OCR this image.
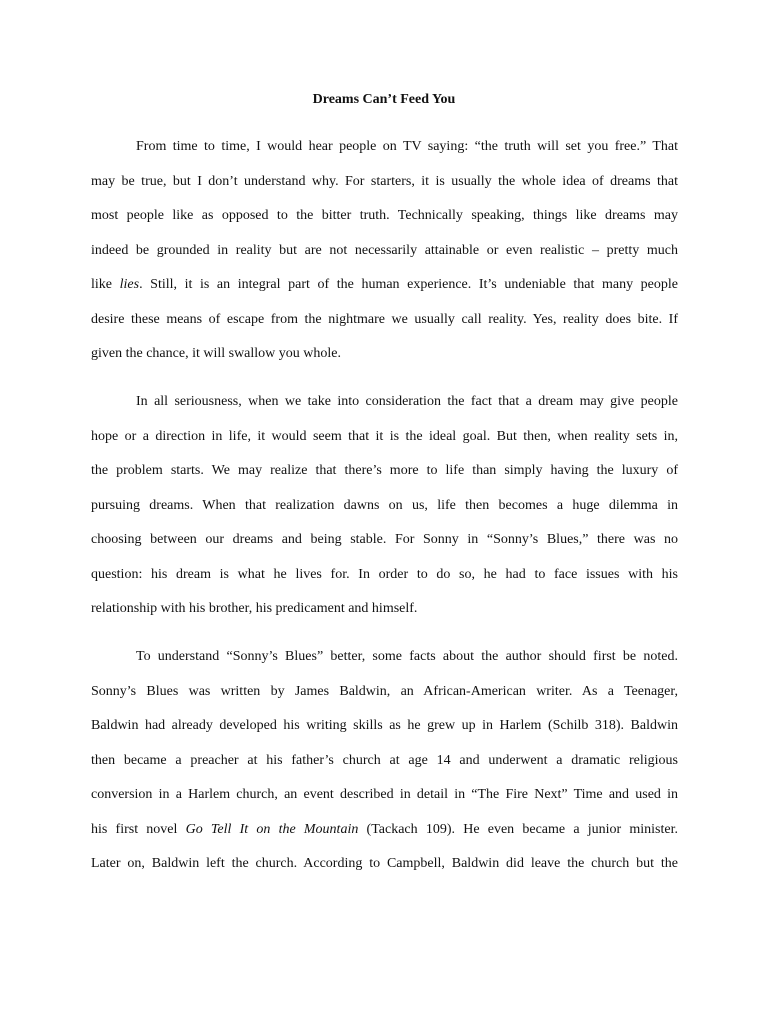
Dreams Can’t Feed You

From time to time, I would hear people on TV saying: “the truth will set you free.” That

may be true, but I don’t understand why. For starters, it is usually the whole idea of dreams that

most people like as opposed to the bitter truth. Technically speaking, things like dreams may

indeed be grounded in reality but are not necessarily attainable or even realistic – pretty much

like lies. Still, it is an integral part of the human experience. It’s undeniable that many people

desire these means of escape from the nightmare we usually call reality. Yes, reality does bite. If

given the chance, it will swallow you whole.

In all seriousness, when we take into consideration the fact that a dream may give people

hope or a direction in life, it would seem that it is the ideal goal. But then, when reality sets in,

the problem starts. We may realize that there’s more to life than simply having the luxury of

pursuing dreams. When that realization dawns on us, life then becomes a huge dilemma in

choosing between our dreams and being stable. For Sonny in “Sonny’s Blues,” there was no

question: his dream is what he lives for. In order to do so, he had to face issues with his

relationship with his brother, his predicament and himself.

To understand “Sonny’s Blues” better, some facts about the author should first be noted.

Sonny’s Blues was written by James Baldwin, an African-American writer. As a Teenager,

Baldwin had already developed his writing skills as he grew up in Harlem (Schilb 318). Baldwin

then became a preacher at his father’s church at age 14 and underwent a dramatic religious

conversion in a Harlem church, an event described in detail in “The Fire Next” Time and used in

his first novel Go Tell It on the Mountain (Tackach 109). He even became a junior minister.

Later on, Baldwin left the church. According to Campbell, Baldwin did leave the church but the
